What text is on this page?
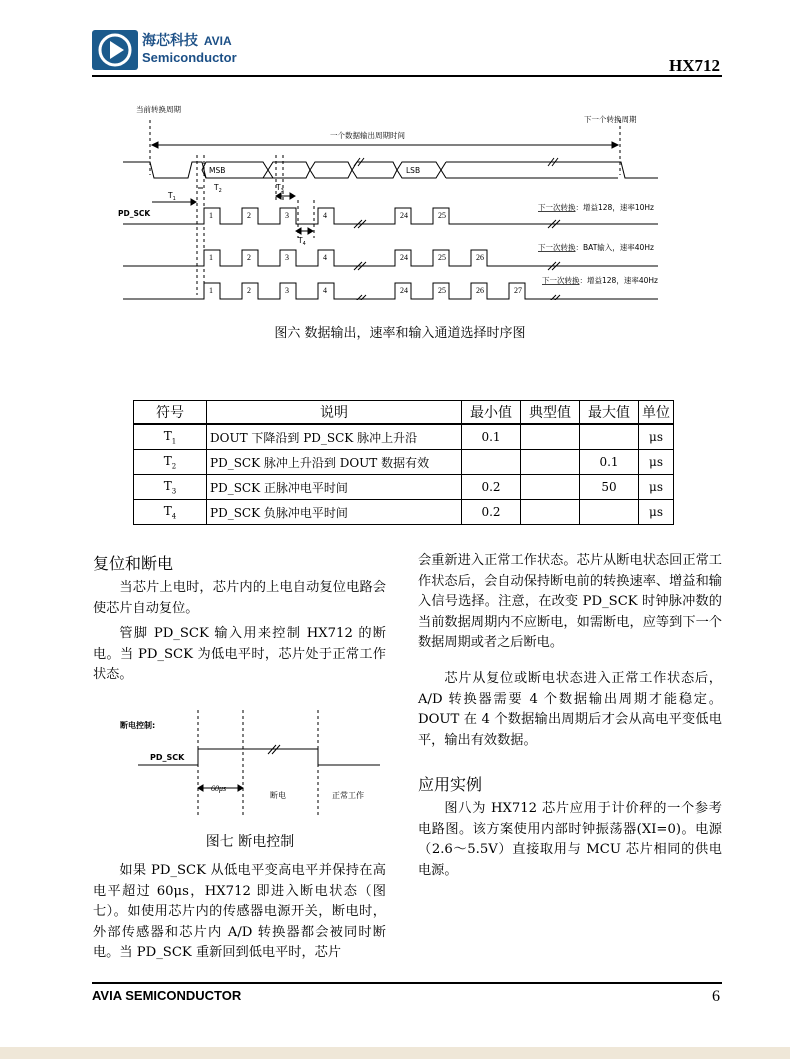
海芯科技 AVIA
Semiconductor	HX712
1	2	3	4	24	25
1	2	3	4	24	25	26
1	2	3	4	24	25	26	27
当前转换周期
下一个转换周期
一个数据输出周期时间
MSB	LSB
PD_SCK
$T_1$
$T_2$	$T_3$
$T_4$
下一次转换：增益128，速率10Hz
下一次转换：BAT输入，速率40Hz
下一次转换：增益128，速率40Hz
图六 数据输出，速率和输入通道选择时序图
符号	说明	最小值	典型值	最大值	单位
$T_1$	DOUT 下降沿到 PD_SCK 脉冲上升沿	0.1			μs
$T_2$	PD_SCK 脉冲上升沿到 DOUT 数据有效			0.1	μs
$T_3$	PD_SCK 正脉冲电平时间	0.2		50	μs
$T_4$	PD_SCK 负脉冲电平时间	0.2			μs
复位和断电
当芯片上电时，芯片内的上电自动复位电路会使芯片自动复位。
管脚 PD_SCK 输入用来控制 HX712 的断电。当 PD_SCK 为低电平时，芯片处于正常工作状态。
断电控制:
PD_SCK
60μs
断电	正常工作
图七 断电控制
如果 PD_SCK 从低电平变高电平并保持在高电平超过 60μs，HX712 即进入断电状态（图七）。如使用芯片内的传感器电源开关，断电时，外部传感器和芯片内 A/D 转换器都会被同时断电。当 PD_SCK 重新回到低电平时，芯片
会重新进入正常工作状态。芯片从断电状态回正常工作状态后，会自动保持断电前的转换速率、增益和输入信号选择。注意，在改变 PD_SCK 时钟脉冲数的当前数据周期内不应断电，如需断电，应等到下一个数据周期或者之后断电。
芯片从复位或断电状态进入正常工作状态后，A/D 转换器需要 4 个数据输出周期才能稳定。DOUT 在 4 个数据输出周期后才会从高电平变低电平，输出有效数据。
应用实例
图八为 HX712 芯片应用于计价秤的一个参考电路图。该方案使用内部时钟振荡器(XI=0)。电源（2.6～5.5V）直接取用与 MCU 芯片相同的供电电源。
AVIA SEMICONDUCTOR	6
